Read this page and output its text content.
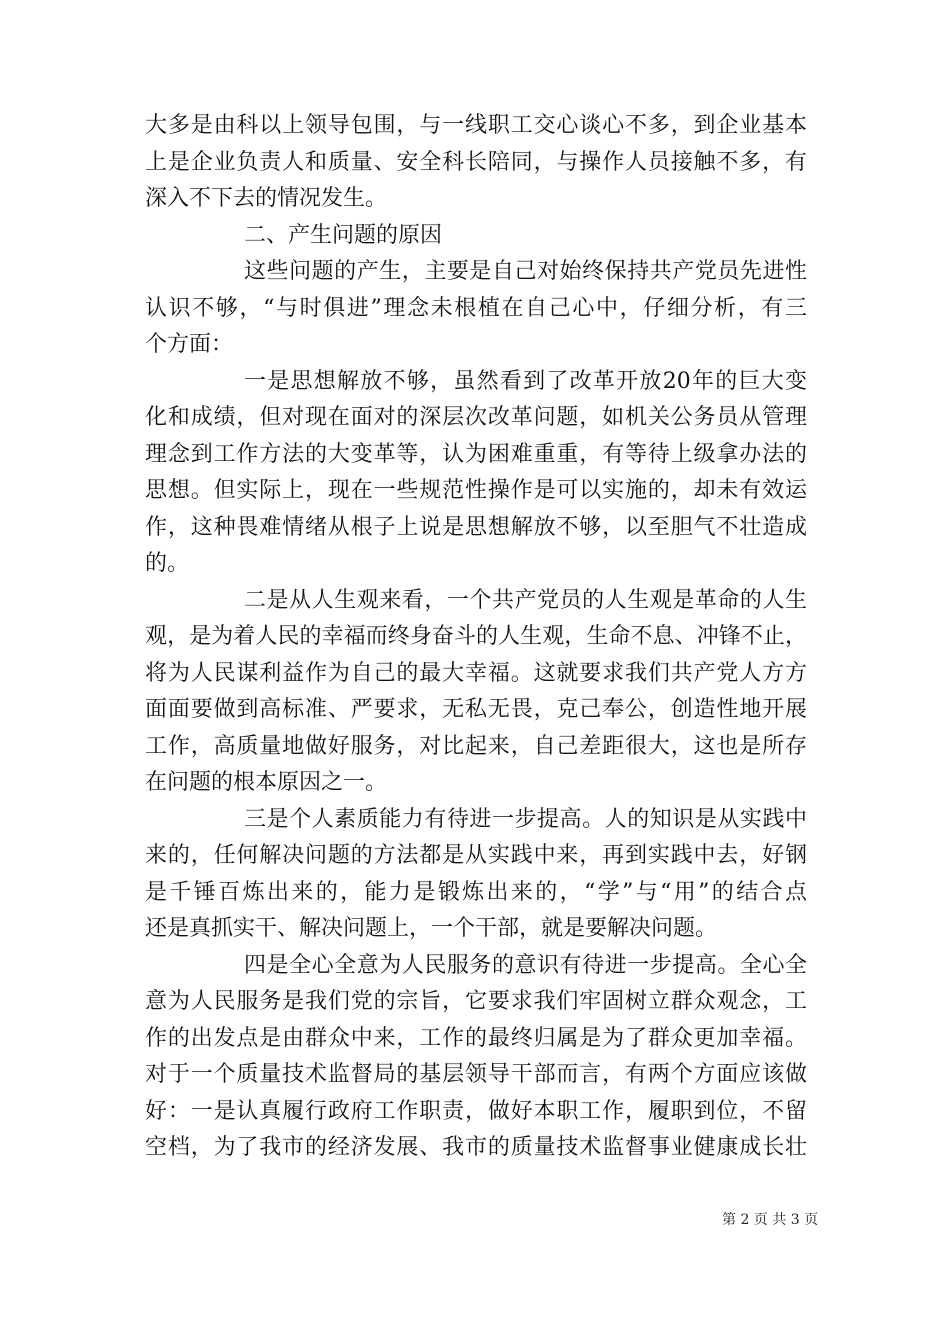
大多是由科以上领导包围，与一线职工交心谈心不多，到企业基本
上是企业负责人和质量、安全科长陪同，与操作人员接触不多，有
深入不下去的情况发生。
二、产生问题的原因
这些问题的产生，主要是自己对始终保持共产党员先进性
认识不够，“与时俱进”理念未根植在自己心中，仔细分析，有三
个方面：
一是思想解放不够，虽然看到了改革开放20年的巨大变
化和成绩，但对现在面对的深层次改革问题，如机关公务员从管理
理念到工作方法的大变革等，认为困难重重，有等待上级拿办法的
思想。但实际上，现在一些规范性操作是可以实施的，却未有效运
作，这种畏难情绪从根子上说是思想解放不够，以至胆气不壮造成
的。
二是从人生观来看，一个共产党员的人生观是革命的人生
观，是为着人民的幸福而终身奋斗的人生观，生命不息、冲锋不止，
将为人民谋利益作为自己的最大幸福。这就要求我们共产党人方方
面面要做到高标准、严要求，无私无畏，克己奉公，创造性地开展
工作，高质量地做好服务，对比起来，自己差距很大，这也是所存
在问题的根本原因之一。
三是个人素质能力有待进一步提高。人的知识是从实践中
来的，任何解决问题的方法都是从实践中来，再到实践中去，好钢
是千锤百炼出来的，能力是锻炼出来的，“学”与“用”的结合点
还是真抓实干、解决问题上，一个干部，就是要解决问题。
四是全心全意为人民服务的意识有待进一步提高。全心全
意为人民服务是我们党的宗旨，它要求我们牢固树立群众观念，工
作的出发点是由群众中来，工作的最终归属是为了群众更加幸福。
对于一个质量技术监督局的基层领导干部而言，有两个方面应该做
好：一是认真履行政府工作职责，做好本职工作，履职到位，不留
空档，为了我市的经济发展、我市的质量技术监督事业健康成长壮
第 2 页 共 3 页
